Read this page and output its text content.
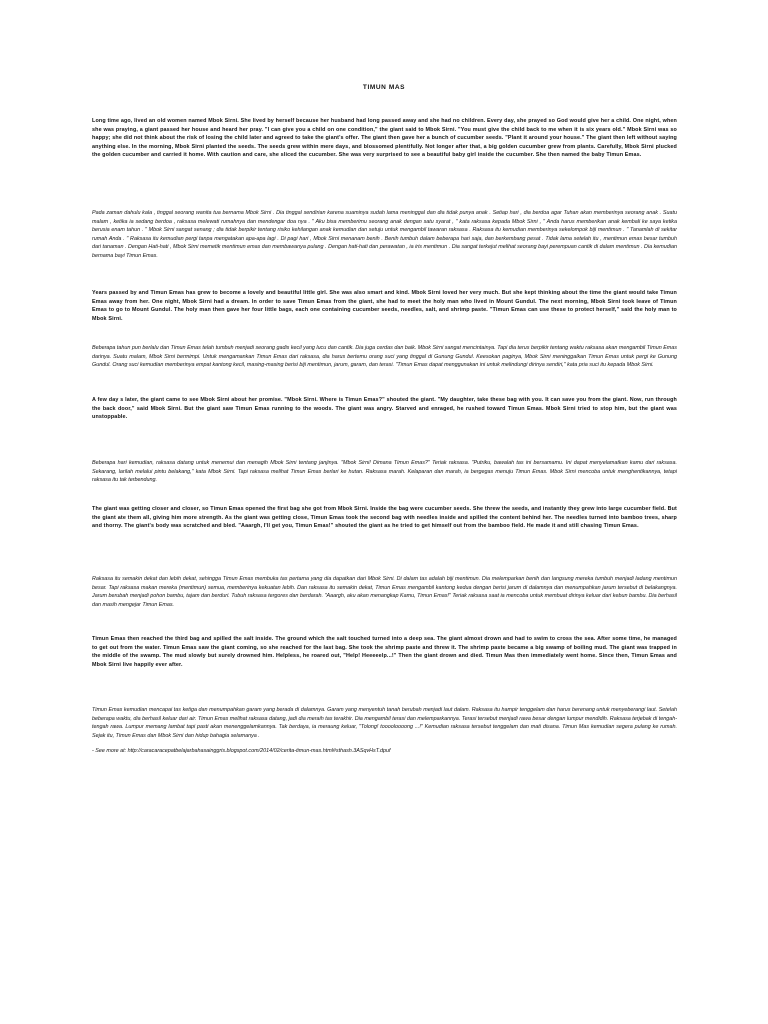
TIMUN MAS

Long time ago, lived an old women named Mbok Sirni. She lived by herself because her husband had long passed away and she had no children. Every day, she prayed so God would give her a child. One night, when she was praying, a giant passed her house and heard her pray. "I can give you a child on one condition," the giant said to Mbok Sirni. "You must give the child back to me when it is six years old." Mbok Sirni was so happy; she did not think about the risk of losing the child later and agreed to take the giant's offer. The giant then gave her a bunch of cucumber seeds. "Plant it around your house." The giant then left without saying anything else. In the morning, Mbok Sirni planted the seeds. The seeds grew within mere days, and blossomed plentifully. Not longer after that, a big golden cucumber grew from plants. Carefully, Mbok Sirni plucked the golden cucumber and carried it home. With caution and care, she sliced the cucumber. She was very surprised to see a beautiful baby girl inside the cucumber. She then named the baby Timun Emas.

Pada zaman dahulu kala , tinggal seorang wanita tua bernama Mbok Sirni . Dia tinggal sendirian karena suaminya sudah lama meninggal dan dia tidak punya anak . Setiap hari , dia berdoa agar Tuhan akan memberinya seorang anak . Suatu malam , ketika ia sedang berdoa , raksasa melewati rumahnya dan mendengar doa nya . " Aku bisa memberimu seorang anak dengan satu syarat , " kata raksasa kepada Mbok Sirni , " Anda harus memberikan anak kembali ke saya ketika berusia enam tahun . " Mbok Sirni sangat senang ; dia tidak berpikir tentang risiko kehilangan anak kemudian dan setuju untuk mengambil tawaran raksasa . Raksasa itu kemudian memberinya sekelompok biji mentimun . " Tanamlah di sekitar rumah Anda . " Raksasa itu kemudian pergi tanpa mengatakan apa-apa lagi . Di pagi hari , Mbok Sirni menanam benih . Benih tumbuh dalam beberapa hari saja, dan berkembang pesat . Tidak lama setelah itu , mentimun emas besar tumbuh dari tanaman . Dengan Hati-hati , Mbok Sirni memetik mentimun emas dan membawanya pulang . Dengan hati-hati dan perawatan , ia iris mentimun . Dia sangat terkejut melihat seorang bayi perempuan cantik di dalam mentimun . Dia kemudian bernama bayi Timun Emas.

Years passed by and Timun Emas has grew to become a lovely and beautiful little girl. She was also smart and kind. Mbok Sirni loved her very much. But she kept thinking about the time the giant would take Timun Emas away from her. One night, Mbok Sirni had a dream. In order to save Timun Emas from the giant, she had to meet the holy man who lived in Mount Gundul. The next morning, Mbok Sirni took leave of Timun Emas to go to Mount Gundul. The holy man then gave her four little bags, each one containing cucumber seeds, needles, salt, and shrimp paste. "Timun Emas can use these to protect herself," said the holy man to Mbok Sirni.

Beberapa tahun pun berlalu dan Timun Emas telah tumbuh menjadi seorang gadis kecil yang lucu dan cantik. Dia juga cerdas dan baik. Mbok Sirni sangat mencintainya. Tapi dia terus berpikir tentang waktu raksasa akan mengambil Timun Emas darinya. Suatu malam, Mbok Sirni bermimpi. Untuk mengamankan Timun Emas dari raksasa, dia harus bertemu orang suci yang tinggal di Gunung Gundul. Keesokan paginya, Mbok Sirni meninggalkan Timun Emas untuk pergi ke Gunung Gundul. Orang suci kemudian memberinya empat kantong kecil, masing-masing berisi biji mentimun, jarum, garam, dan terasi. "Timun Emas dapat menggunakan ini untuk melindungi dirinya sendiri," kata pria suci itu kepada Mbok Sirni.

A few day s later, the giant came to see Mbok Sirni about her promise. "Mbok Sirni. Where is Timun Emas?" shouted the giant. "My daughter, take these bag with you. It can save you from the giant. Now, run through the back door," said Mbok Sirni. But the giant saw Timun Emas running to the woods. The giant was angry. Starved and enraged, he rushed toward Timun Emas. Mbok Sirni tried to stop him, but the giant was unstoppable.

Beberapa hari kemudian, raksasa datang untuk menemui dan menagih Mbok Sirni tentang janjinya. "Mbok Sirni! Dimana Timun Emas?" Teriak raksasa. "Putriku, bawalah tas ini bersamamu. Ini dapat menyelamatkan kamu dari raksasa. Sekarang, larilah melalui pintu belakang," kata Mbok Sirni. Tapi raksasa melihat Timun Emas berlari ke hutan. Raksasa marah. Kelaparan dan marah, ia bergegas menuju Timun Emas. Mbok Sirni mencoba untuk menghentikannya, tetapi raksasa itu tak terbendung.

The giant was getting closer and closer, so Timun Emas opened the first bag she got from Mbok Sirni. Inside the bag were cucumber seeds. She threw the seeds, and instantly they grew into large cucumber field. But the giant ate them all, giving him more strength. As the giant was getting close, Timun Emas took the second bag with needles inside and spilled the content behind her. The needles turned into bamboo trees, sharp and thorny. The giant's body was scratched and bled. "Aaargh, I'll get you, Timun Emas!" shouted the giant as he tried to get himself out from the bamboo field. He made it and still chasing Timun Emas.

Raksasa itu semakin dekat dan lebih dekat, sehingga Timun Emas membuka tas pertama yang dia dapatkan dari Mbok Sirni. Di dalam tas adalah biji mentimun. Dia melemparkan benih dan langsung mereka tumbuh menjadi ladang mentimun besar. Tapi raksasa makan mereka (mentimun) semua, memberinya kekuatan lebih. Dan raksasa itu semakin dekat, Timun Emas mengambil kantong kedua dengan berisi jarum di dalamnya dan menumpahkan jarum tersebut di belakangnya. Jarum berubah menjadi pohon bambu, tajam dan berduri. Tubuh raksasa tergores dan berdarah. "Aaargh, aku akan menangkap Kamu, Timun Emas!" Teriak raksasa saat ia mencoba untuk membuat dirinya keluar dari kebun bambu. Dia berhasil dan masih mengejar Timun Emas.

Timun Emas then reached the third bag and spilled the salt inside. The ground which the salt touched turned into a deep sea. The giant almost drown and had to swim to cross the sea. After some time, he managed to get out from the water. Timun Emas saw the giant coming, so she reached for the last bag. She took the shrimp paste and threw it. The shrimp paste became a big swamp of boiling mud. The giant was trapped in the middle of the swamp. The mud slowly but surely drowned him. Helpless, he roared out, "Help! Heeeeelp...!" Then the giant drown and died. Timun Mas then immediately went home. Since then, Timun Emas and Mbok Sirni live happily ever after.

Timun Emas kemudian mencapai tas ketiga dan menumpahkan garam yang berada di dalamnya. Garam yang menyentuh tanah berubah menjadi laut dalam. Raksasa itu hampir tenggelam dan harus berenang untuk menyeberangi laut. Setelah beberapa waktu, dia berhasil keluar dari air. Timun Emas melihat raksasa datang, jadi dia meraih tas terakhir. Dia mengambil terasi dan melemparkannya. Terasi tersebut menjadi rawa besar dengan lumpur mendidih. Raksasa terjebak di tengah-tengah rawa. Lumpur memang lambat tapi pasti akan menenggelamkannya. Tak berdaya, ia meraung keluar, "Tolong! tooooloooong ...!" Kemudian raksasa tersebut tenggelam dan mati disana. Timun Mas kemudian segera pulang ke rumah. Sejak itu, Timun Emas dan Mbok Sirni dan hidup bahagia selamanya .

- See more at: http://caracaracepatbelajarbahasainggris.blogspot.com/2014/02/cerita-timun-mas.html#sthash.3ASqvHsT.dpuf
